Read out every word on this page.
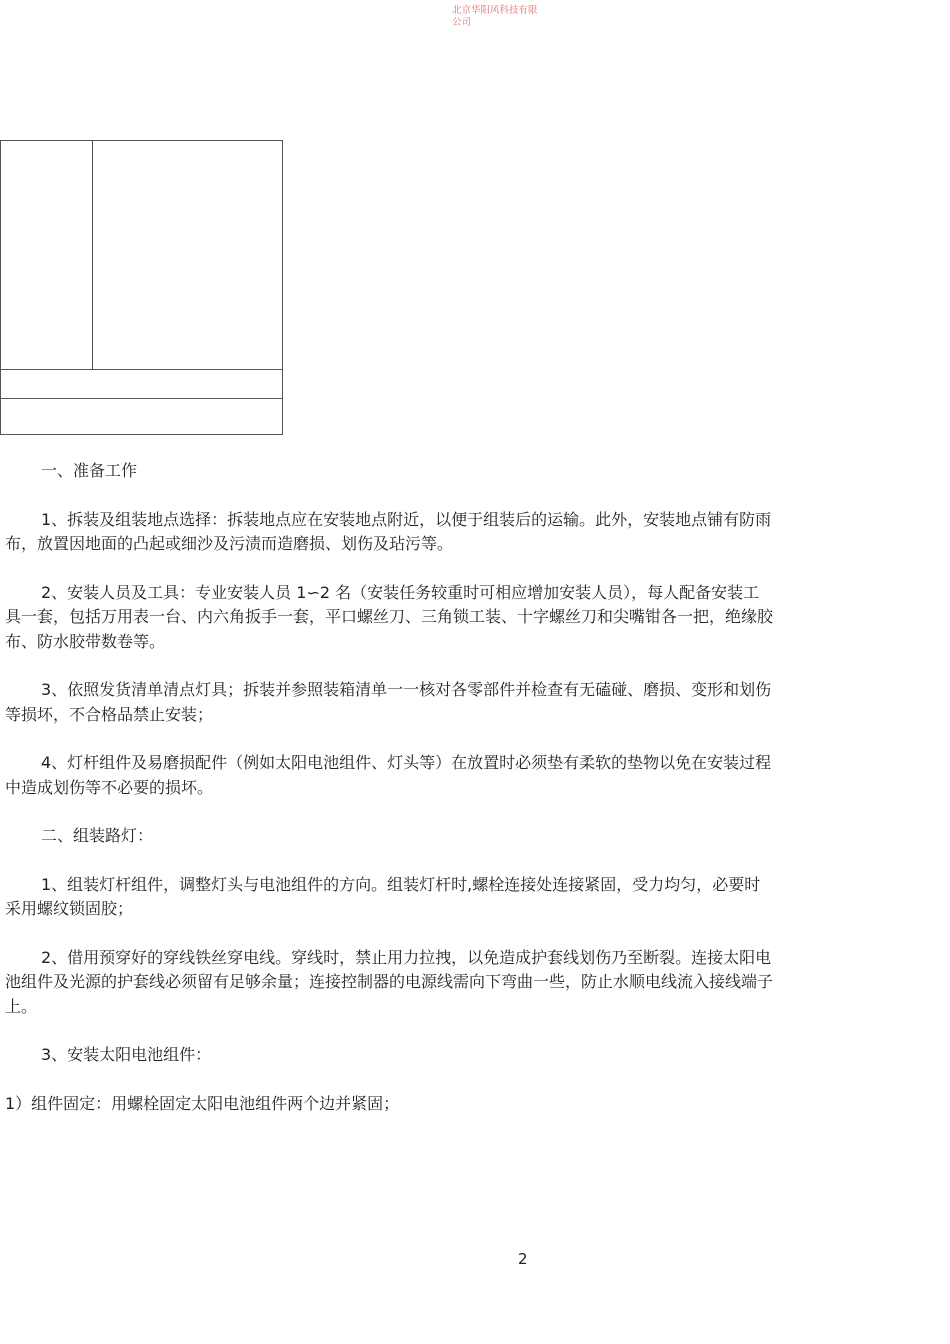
北京华阳风科技有限
公司

一、准备工作

1、拆装及组装地点选择：拆装地点应在安装地点附近，以便于组装后的运输。此外，安装地点铺有防雨布，放置因地面的凸起或细沙及污渍而造磨损、划伤及玷污等。

2、安装人员及工具：专业安装人员 1∽2 名（安装任务较重时可相应增加安装人员），每人配备安装工具一套，包括万用表一台、内六角扳手一套，平口螺丝刀、三角锁工装、十字螺丝刀和尖嘴钳各一把，绝缘胶布、防水胶带数卷等。

3、依照发货清单清点灯具；拆装并参照装箱清单一一核对各零部件并检查有无磕碰、磨损、变形和划伤等损坏，不合格品禁止安装；

4、灯杆组件及易磨损配件（例如太阳电池组件、灯头等）在放置时必须垫有柔软的垫物以免在安装过程中造成划伤等不必要的损坏。

二、组装路灯：

1、组装灯杆组件，调整灯头与电池组件的方向。组装灯杆时,螺栓连接处连接紧固，受力均匀，必要时采用螺纹锁固胶；

2、借用预穿好的穿线铁丝穿电线。穿线时，禁止用力拉拽，以免造成护套线划伤乃至断裂。连接太阳电池组件及光源的护套线必须留有足够余量；连接控制器的电源线需向下弯曲一些，防止水顺电线流入接线端子上。

3、安装太阳电池组件：

1）组件固定：用螺栓固定太阳电池组件两个边并紧固；

2
